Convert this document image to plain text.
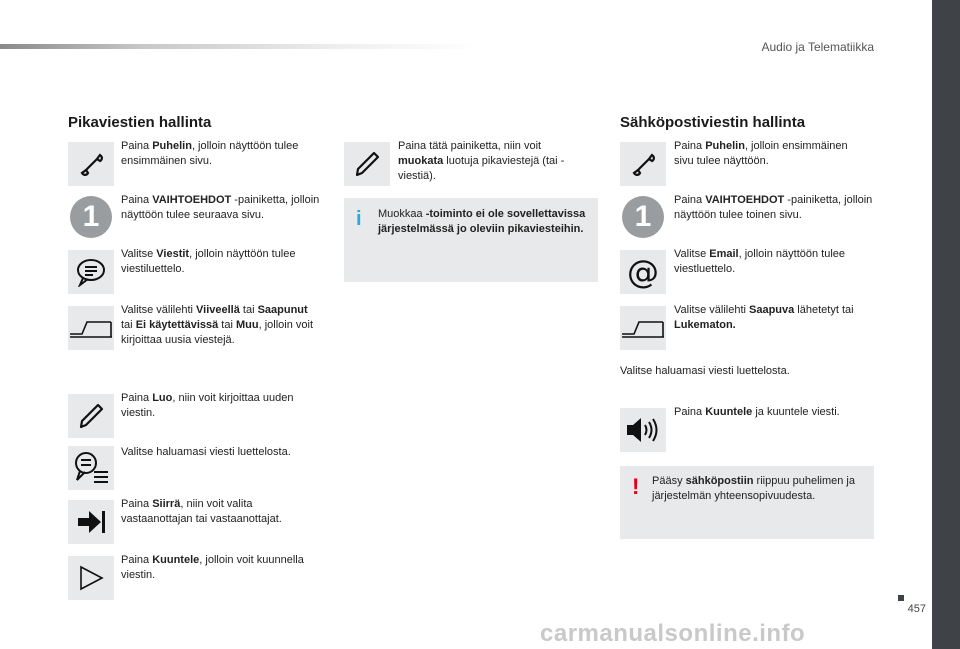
Audio ja Telematiikka
Pikaviestien hallinta
Paina Puhelin, jolloin näyttöön tulee ensimmäinen sivu.
1	Paina VAIHTOEHDOT -painiketta, jolloin näyttöön tulee seuraava sivu.
Valitse Viestit, jolloin näyttöön tulee viestiluettelo.
Valitse välilehti Viiveellä tai Saapunut tai Ei käytettävissä tai Muu, jolloin voit kirjoittaa uusia viestejä.
Paina Luo, niin voit kirjoittaa uuden viestin.
Valitse haluamasi viesti luettelosta.
Paina Siirrä, niin voit valita vastaanottajan tai vastaanottajat.
Paina Kuuntele, jolloin voit kuunnella viestin.
Paina tätä painiketta, niin voit muokata luotuja pikaviestejä (tai -viestiä).
i Muokkaa -toiminto ei ole sovellettavissa järjestelmässä jo oleviin pikaviesteihin.
Sähköpostiviestin hallinta
Paina Puhelin, jolloin ensimmäinen sivu tulee näyttöön.
1	Paina VAIHTOEHDOT -painiketta, jolloin näyttöön tulee toinen sivu.
@ Valitse Email, jolloin näyttöön tulee viestluettelo.
Valitse välilehti Saapuva lähetetyt tai Lukematon.
Valitse haluamasi viesti luettelosta.
Paina Kuuntele ja kuuntele viesti.
! Pääsy sähköpostiin riippuu puhelimen ja järjestelmän yhteensopivuudesta.
457
carmanualsonline.info
